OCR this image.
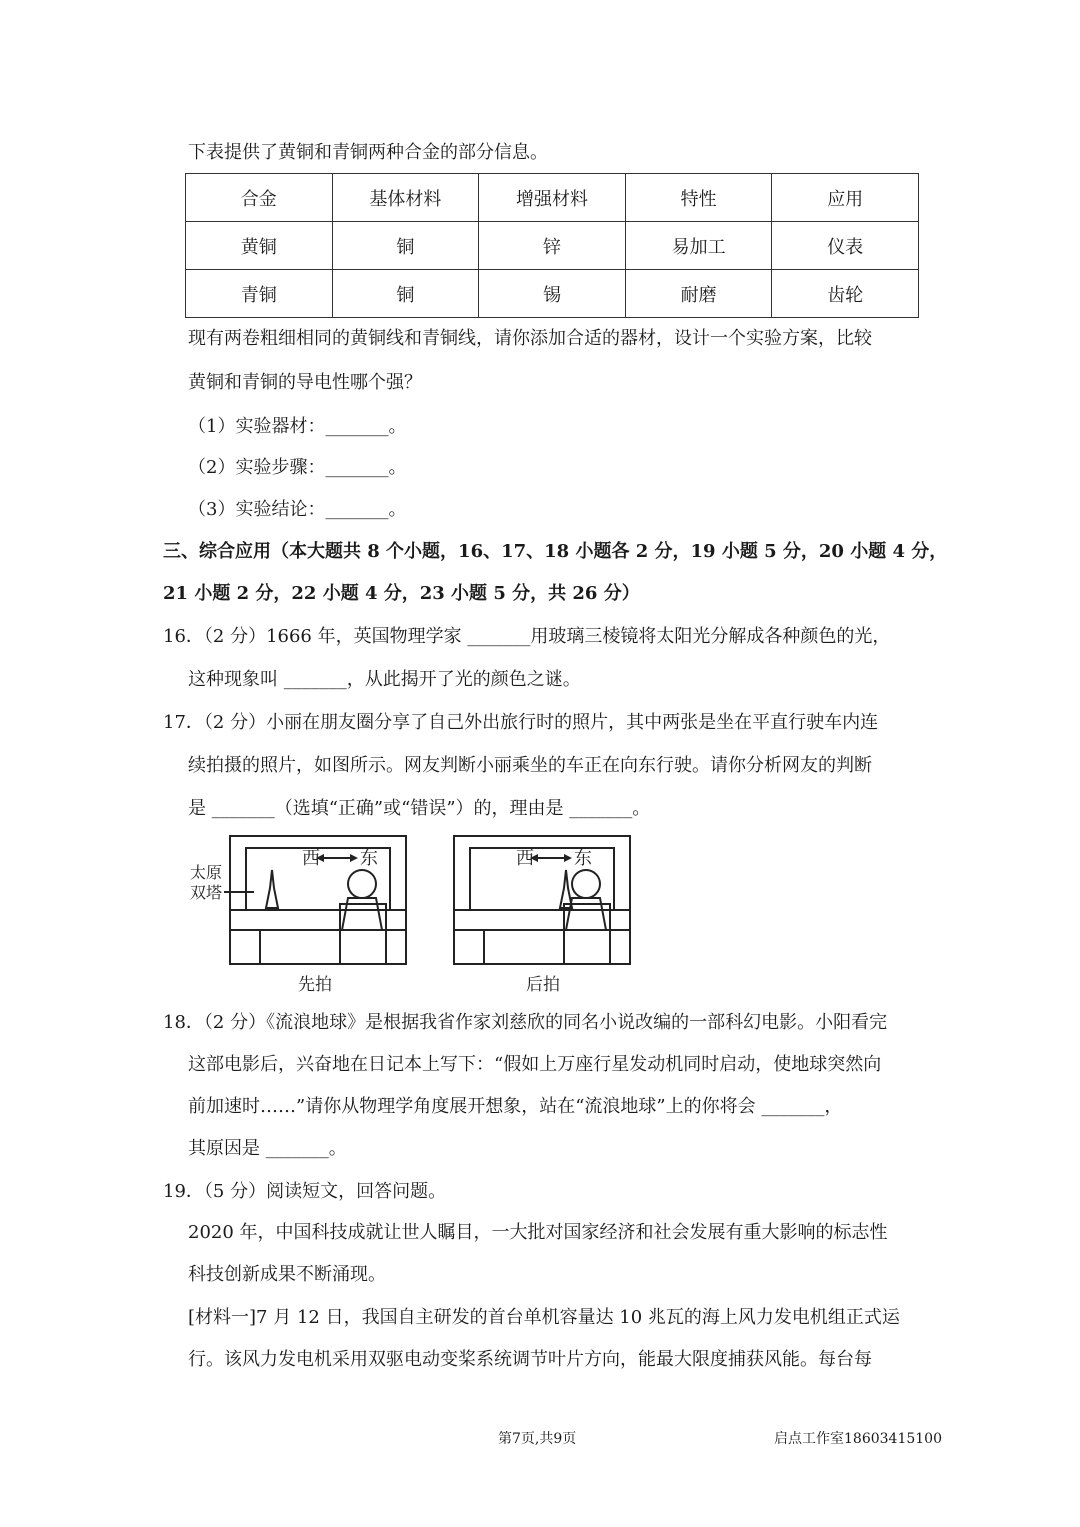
下表提供了黄铜和青铜两种合金的部分信息。
合金	基体材料	增强材料	特性	应用
黄铜	铜	锌	易加工	仪表
青铜	铜	锡	耐磨	齿轮
现有两卷粗细相同的黄铜线和青铜线，请你添加合适的器材，设计一个实验方案，比较
黄铜和青铜的导电性哪个强？
（1）实验器材：_______。
（2）实验步骤：_______。
（3）实验结论：_______。
三、综合应用（本大题共 8 个小题，16、17、18 小题各 2 分，19 小题 5 分，20 小题 4 分，
21 小题 2 分，22 小题 4 分，23 小题 5 分，共 26 分）
16．（2 分）1666 年，英国物理学家 _______用玻璃三棱镜将太阳光分解成各种颜色的光，
这种现象叫 _______，从此揭开了光的颜色之谜。
17．（2 分）小丽在朋友圈分享了自己外出旅行时的照片，其中两张是坐在平直行驶车内连
续拍摄的照片，如图所示。网友判断小丽乘坐的车正在向东行驶。请你分析网友的判断
是 _______（选填“正确”或“错误”）的，理由是 _______。
西 东	西 东
太原
双塔
先拍	后拍
18．（2 分）《流浪地球》是根据我省作家刘慈欣的同名小说改编的一部科幻电影。小阳看完
这部电影后，兴奋地在日记本上写下：“假如上万座行星发动机同时启动，使地球突然向
前加速时……”请你从物理学角度展开想象，站在“流浪地球”上的你将会 _______，
其原因是 _______。
19．（5 分）阅读短文，回答问题。
2020 年，中国科技成就让世人瞩目，一大批对国家经济和社会发展有重大影响的标志性
科技创新成果不断涌现。
[材料一]7 月 12 日，我国自主研发的首台单机容量达 10 兆瓦的海上风力发电机组正式运
行。该风力发电机采用双驱电动变桨系统调节叶片方向，能最大限度捕获风能。每台每
第7页,共9页	启点工作室18603415100
